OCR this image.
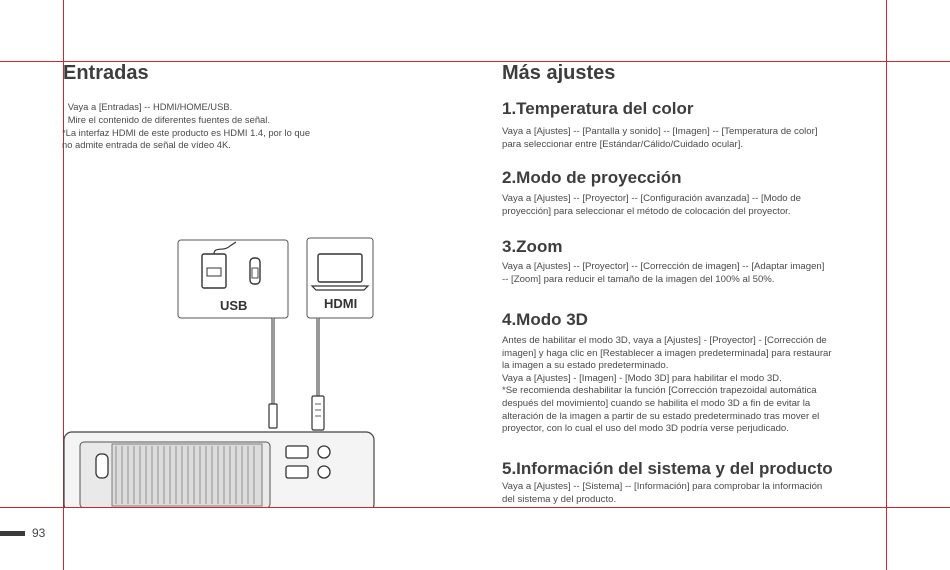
Entradas

· Vaya a [Entradas] -- HDMI/HOME/USB.

· Mire el contenido de diferentes fuentes de señal.

*La interfaz HDMI de este producto es HDMI 1.4, por lo que

no admite entrada de señal de vídeo 4K.

USB	HDMI
Más ajustes
1.Temperatura del color

Vaya a [Ajustes] -- [Pantalla y sonido] -- [Imagen] -- [Temperatura de color]

para seleccionar entre [Estándar/Cálido/Cuidado ocular].

2.Modo de proyección

Vaya a [Ajustes] -- [Proyector] -- [Configuración avanzada] -- [Modo de

proyección] para seleccionar el método de colocación del proyector.

3.Zoom

Vaya a [Ajustes] -- [Proyector] -- [Corrección de imagen] -- [Adaptar imagen]

-- [Zoom] para reducir el tamaño de la imagen del 100% al 50%.

4.Modo 3D

Antes de habilitar el modo 3D, vaya a [Ajustes] - [Proyector] - [Corrección de

imagen] y haga clic en [Restablecer a imagen predeterminada] para restaurar

la imagen a su estado predeterminado.

Vaya a [Ajustes] - [Imagen] - [Modo 3D] para habilitar el modo 3D.

*Se recomienda deshabilitar la función [Corrección trapezoidal automática

después del movimiento] cuando se habilita el modo 3D a fin de evitar la

alteración de la imagen a partir de su estado predeterminado tras mover el

proyector, con lo cual el uso del modo 3D podría verse perjudicado.

5.Información del sistema y del producto

Vaya a [Ajustes] -- [Sistema] -- [Información] para comprobar la información

del sistema y del producto.

93
